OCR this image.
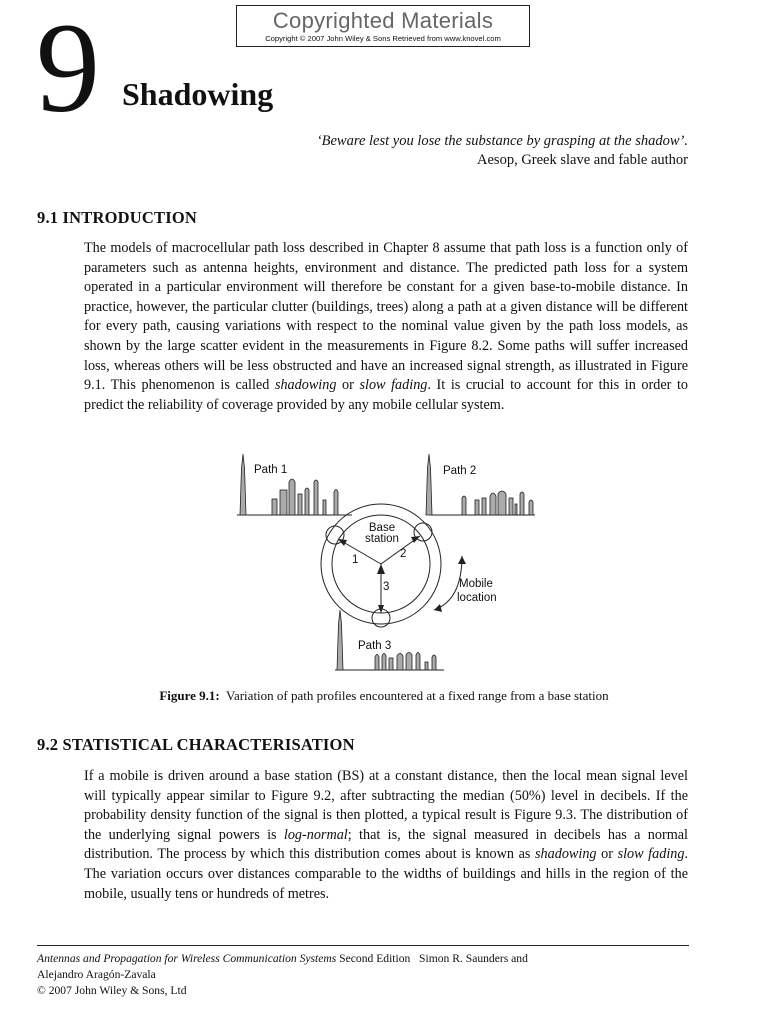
Copyrighted Materials
Copyright © 2007 John Wiley & Sons Retrieved from www.knovel.com
9 Shadowing
‘Beware lest you lose the substance by grasping at the shadow’.
Aesop, Greek slave and fable author
9.1 INTRODUCTION

The models of macrocellular path loss described in Chapter 8 assume that path loss is a function only of parameters such as antenna heights, environment and distance. The predicted path loss for a system operated in a particular environment will therefore be constant for a given base-to-mobile distance. In practice, however, the particular clutter (buildings, trees) along a path at a given distance will be different for every path, causing variations with respect to the nominal value given by the path loss models, as shown by the large scatter evident in the measurements in Figure 8.2. Some paths will suffer increased loss, whereas others will be less obstructed and have an increased signal strength, as illustrated in Figure 9.1. This phenomenon is called shadowing or slow fading. It is crucial to account for this in order to predict the reliability of coverage provided by any mobile cellular system.

Path 1	Path 2
Path 3
Base
station
1	2
3	Mobile
location
Figure 9.1: Variation of path profiles encountered at a fixed range from a base station
9.2 STATISTICAL CHARACTERISATION

If a mobile is driven around a base station (BS) at a constant distance, then the local mean signal level will typically appear similar to Figure 9.2, after subtracting the median (50%) level in decibels. If the probability density function of the signal is then plotted, a typical result is Figure 9.3. The distribution of the underlying signal powers is log-normal; that is, the signal measured in decibels has a normal distribution. The process by which this distribution comes about is known as shadowing or slow fading. The variation occurs over distances comparable to the widths of buildings and hills in the region of the mobile, usually tens or hundreds of metres.

Antennas and Propagation for Wireless Communication Systems Second Edition   Simon R. Saunders and
Alejandro Aragón-Zavala
© 2007 John Wiley & Sons, Ltd
